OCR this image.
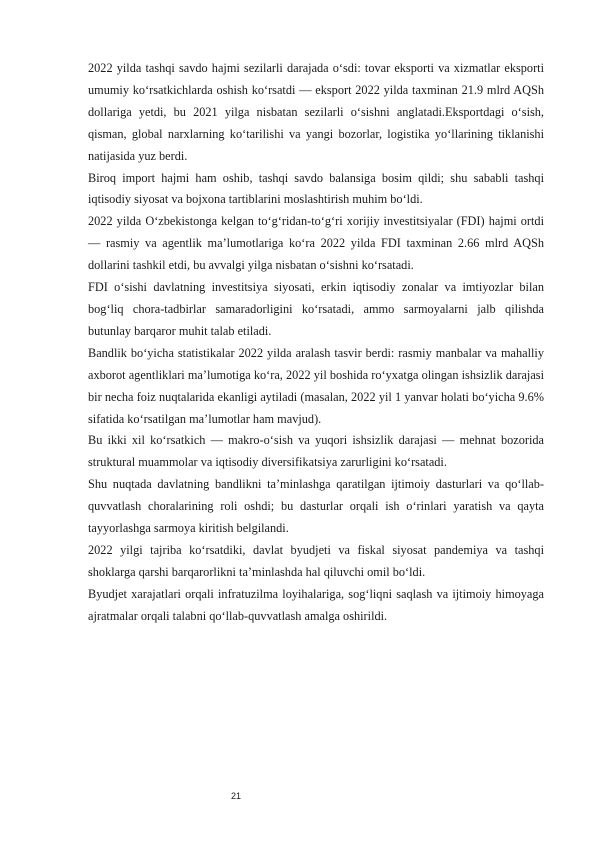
2022 yilda tashqi savdo hajmi sezilarli darajada o‘sdi: tovar eksporti va xizmatlar eksporti umumiy ko‘rsatkichlarda oshish ko‘rsatdi — eksport 2022 yilda taxminan 21.9 mlrd AQSh dollariga yetdi, bu 2021 yilga nisbatan sezilarli o‘sishni anglatadi.Eksportdagi o‘sish, qisman, global narxlarning ko‘tarilishi va yangi bozorlar, logistika yo‘llarining tiklanishi natijasida yuz berdi.

Biroq import hajmi ham oshib, tashqi savdo balansiga bosim qildi; shu sababli tashqi iqtisodiy siyosat va bojxona tartiblarini moslashtirish muhim bo‘ldi.

2022 yilda O‘zbekistonga kelgan to‘g‘ridan-to‘g‘ri xorijiy investitsiyalar (FDI) hajmi ortdi — rasmiy va agentlik ma’lumotlariga ko‘ra 2022 yilda FDI taxminan 2.66 mlrd AQSh dollarini tashkil etdi, bu avvalgi yilga nisbatan o‘sishni ko‘rsatadi.

FDI o‘sishi davlatning investitsiya siyosati, erkin iqtisodiy zonalar va imtiyozlar bilan bog‘liq chora-tadbirlar samaradorligini ko‘rsatadi, ammo sarmoyalarni jalb qilishda butunlay barqaror muhit talab etiladi.

Bandlik bo‘yicha statistikalar 2022 yilda aralash tasvir berdi: rasmiy manbalar va mahalliy axborot agentliklari ma’lumotiga ko‘ra, 2022 yil boshida ro‘yxatga olingan ishsizlik darajasi bir necha foiz nuqtalarida ekanligi aytiladi (masalan, 2022 yil 1 yanvar holati bo‘yicha 9.6% sifatida ko‘rsatilgan ma’lumotlar ham mavjud).

Bu ikki xil ko‘rsatkich — makro-o‘sish va yuqori ishsizlik darajasi — mehnat bozorida struktural muammolar va iqtisodiy diversifikatsiya zarurligini ko‘rsatadi.

Shu nuqtada davlatning bandlikni ta’minlashga qaratilgan ijtimoiy dasturlari va qo‘llab-quvvatlash choralarining roli oshdi; bu dasturlar orqali ish o‘rinlari yaratish va qayta tayyorlashga sarmoya kiritish belgilandi.

2022 yilgi tajriba ko‘rsatdiki, davlat byudjeti va fiskal siyosat pandemiya va tashqi shoklarga qarshi barqarorlikni ta’minlashda hal qiluvchi omil bo‘ldi.

Byudjet xarajatlari orqali infratuzilma loyihalariga, sog‘liqni saqlash va ijtimoiy himoyaga ajratmalar orqali talabni qo‘llab-quvvatlash amalga oshirildi.

21
